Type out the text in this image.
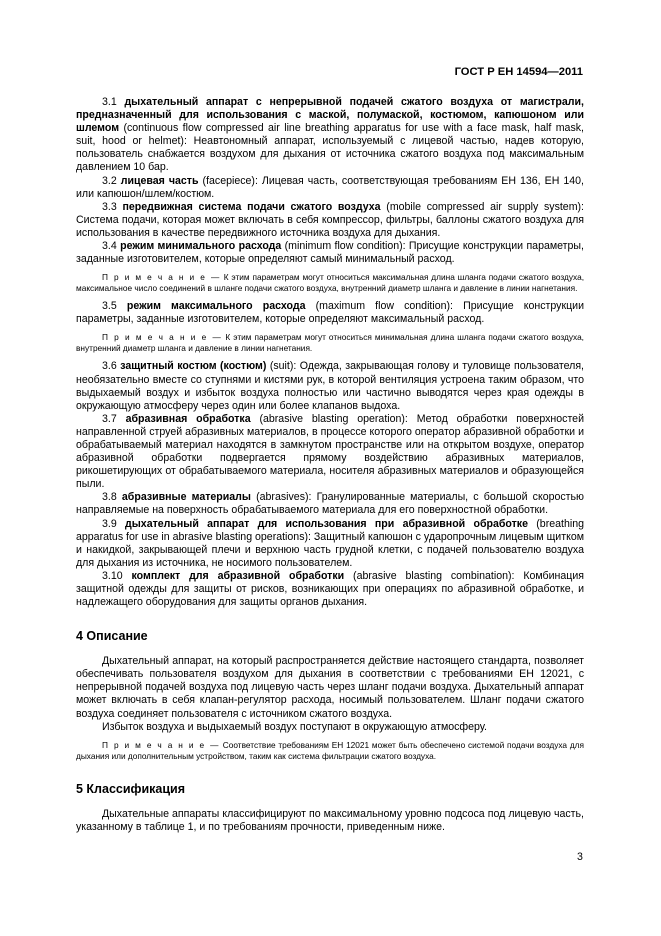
ГОСТ Р ЕН 14594—2011

3.1 дыхательный аппарат с непрерывной подачей сжатого воздуха от магистрали, предназначенный для использования с маской, полумаской, костюмом, капюшоном или шлемом (continuous flow compressed air line breathing apparatus for use with a face mask, half mask, suit, hood or helmet): Неавтономный аппарат, используемый с лицевой частью, надев которую, пользователь снабжается воздухом для дыхания от источника сжатого воздуха под максимальным давлением 10 бар.

3.2 лицевая часть (facepiece): Лицевая часть, соответствующая требованиям ЕН 136, ЕН 140, или капюшон/шлем/костюм.

3.3 передвижная система подачи сжатого воздуха (mobile compressed air supply system): Система подачи, которая может включать в себя компрессор, фильтры, баллоны сжатого воздуха для использования в качестве передвижного источника воздуха для дыхания.

3.4 режим минимального расхода (minimum flow condition): Присущие конструкции параметры, заданные изготовителем, которые определяют самый минимальный расход.

П р и м е ч а н и е — К этим параметрам могут относиться максимальная длина шланга подачи сжатого воздуха, максимальное число соединений в шланге подачи сжатого воздуха, внутренний диаметр шланга и давление в линии нагнетания.

3.5 режим максимального расхода (maximum flow condition): Присущие конструкции параметры, заданные изготовителем, которые определяют максимальный расход.

П р и м е ч а н и е — К этим параметрам могут относиться минимальная длина шланга подачи сжатого воздуха, внутренний диаметр шланга и давление в линии нагнетания.

3.6 защитный костюм (костюм) (suit): Одежда, закрывающая голову и туловище пользователя, необязательно вместе со ступнями и кистями рук, в которой вентиляция устроена таким образом, что выдыхаемый воздух и избыток воздуха полностью или частично выводятся через края одежды в окружающую атмосферу через один или более клапанов выдоха.

3.7 абразивная обработка (abrasive blasting operation): Метод обработки поверхностей направленной струей абразивных материалов, в процессе которого оператор абразивной обработки и обрабатываемый материал находятся в замкнутом пространстве или на открытом воздухе, оператор абразивной обработки подвергается прямому воздействию абразивных материалов, рикошетирующих от обрабатываемого материала, носителя абразивных материалов и образующейся пыли.

3.8 абразивные материалы (abrasives): Гранулированные материалы, с большой скоростью направляемые на поверхность обрабатываемого материала для его поверхностной обработки.

3.9 дыхательный аппарат для использования при абразивной обработке (breathing apparatus for use in abrasive blasting operations): Защитный капюшон с ударопрочным лицевым щитком и накидкой, закрывающей плечи и верхнюю часть грудной клетки, с подачей пользователю воздуха для дыхания из источника, не носимого пользователем.

3.10 комплект для абразивной обработки (abrasive blasting combination): Комбинация защитной одежды для защиты от рисков, возникающих при операциях по абразивной обработке, и надлежащего оборудования для защиты органов дыхания.

4 Описание

Дыхательный аппарат, на который распространяется действие настоящего стандарта, позволяет обеспечивать пользователя воздухом для дыхания в соответствии с требованиями ЕН 12021, с непрерывной подачей воздуха под лицевую часть через шланг подачи воздуха. Дыхательный аппарат может включать в себя клапан-регулятор расхода, носимый пользователем. Шланг подачи сжатого воздуха соединяет пользователя с источником сжатого воздуха.

Избыток воздуха и выдыхаемый воздух поступают в окружающую атмосферу.

П р и м е ч а н и е — Соответствие требованиям ЕН 12021 может быть обеспечено системой подачи воздуха для дыхания или дополнительным устройством, таким как система фильтрации сжатого воздуха.

5 Классификация

Дыхательные аппараты классифицируют по максимальному уровню подсоса под лицевую часть, указанному в таблице 1, и по требованиям прочности, приведенным ниже.

3
